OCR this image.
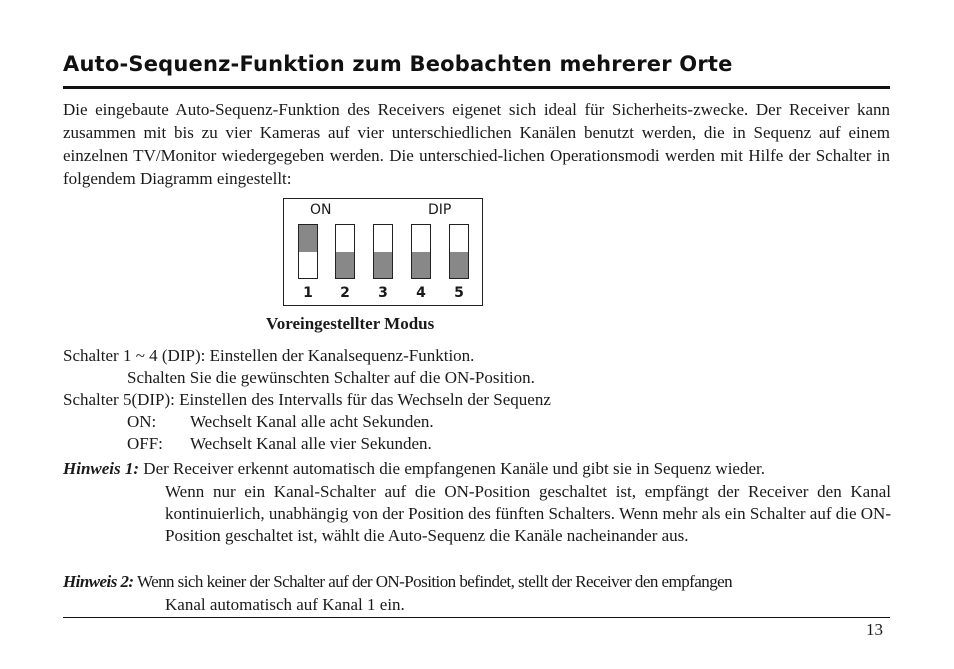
Auto-Sequenz-Funktion zum Beobachten mehrerer Orte

Die eingebaute Auto-Sequenz-Funktion des Receivers eigenet sich ideal für Sicherheits-zwecke. Der Receiver kann zusammen mit bis zu vier Kameras auf vier unterschiedlichen Kanälen benutzt werden, die in Sequenz auf einem einzelnen TV/Monitor wiedergegeben werden. Die unterschied-lichen Operationsmodi werden mit Hilfe der Schalter in folgendem Diagramm eingestellt:

ON	DIP
1	2	3	4	5

Voreingestellter Modus

Schalter 1 ~ 4 (DIP): Einstellen der Kanalsequenz-Funktion.

Schalten Sie die gewünschten Schalter auf die ON-Position.

Schalter 5(DIP): Einstellen des Intervalls für das Wechseln der Sequenz

ON: Wechselt Kanal alle acht Sekunden.

OFF: Wechselt Kanal alle vier Sekunden.

Hinweis 1: Der Receiver erkennt automatisch die empfangenen Kanäle und gibt sie in Sequenz wieder.

Wenn nur ein Kanal-Schalter auf die ON-Position geschaltet ist, empfängt der Receiver den Kanal kontinuierlich, unabhängig von der Position des fünften Schalters. Wenn mehr als ein Schalter auf die ON-Position geschaltet ist, wählt die Auto-Sequenz die Kanäle nacheinander aus.

Hinweis 2: Wenn sich keiner der Schalter auf der ON-Position befindet, stellt der Receiver den empfangen

Kanal automatisch auf Kanal 1 ein.

13
